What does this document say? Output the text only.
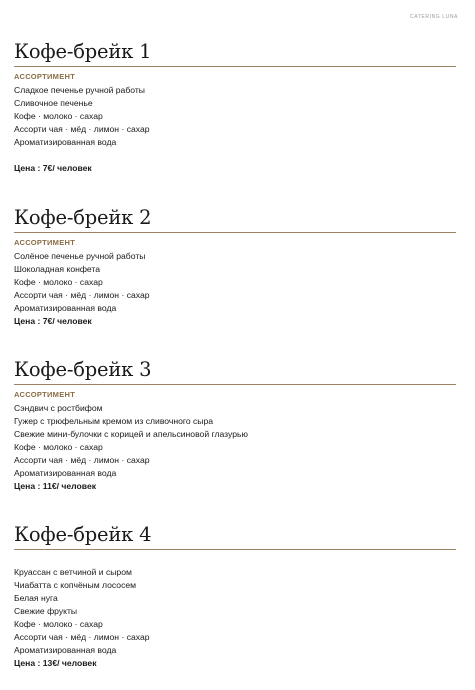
CATERING LUNA
Кофе-брейк 1
АССОРТИМЕНТ
Сладкое печенье ручной работы
Сливочное печенье
Кофе · молоко · сахар
Ассорти чая · мёд · лимон · сахар
Ароматизированная вода
Цена : 7€/ человек
Кофе-брейк 2
АССОРТИМЕНТ
Солёное печенье ручной работы
Шоколадная конфета
Кофе · молоко · сахар
Ассорти чая · мёд · лимон · сахар
Ароматизированная вода
Цена : 7€/ человек
Кофе-брейк 3
АССОРТИМЕНТ
Сэндвич с ростбифом
Гужер с трюфельным кремом из сливочного сыра
Свежие мини-булочки с корицей и апельсиновой глазурью
Кофе · молоко · сахар
Ассорти чая · мёд · лимон · сахар
Ароматизированная вода
Цена : 11€/ человек
Кофе-брейк 4
Круассан с ветчиной и сыром
Чиабатта с копчёным лососем
Белая нуга
Свежие фрукты
Кофе · молоко · сахар
Ассорти чая · мёд · лимон · сахар
Ароматизированная вода
Цена : 13€/ человек
